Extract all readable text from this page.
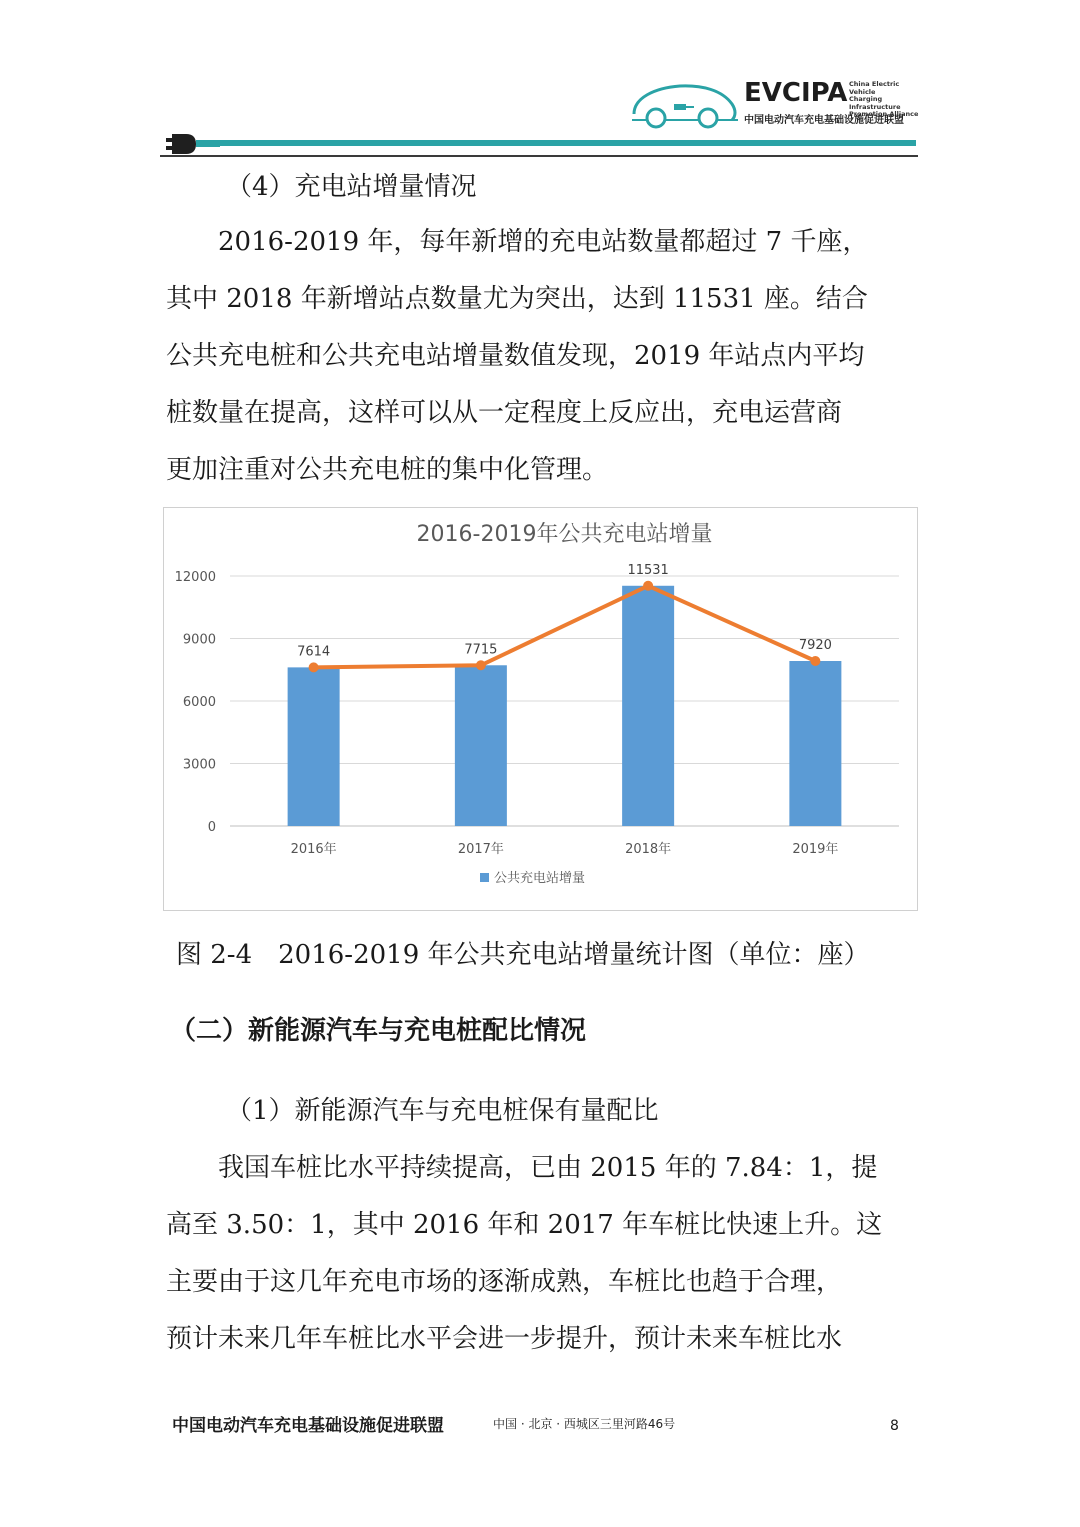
EVCIPA China Electric Vehicle
Charging Infrastructure
Promotion Alliance
中国电动汽车充电基础设施促进联盟
（4）充电站增量情况
　　2016-2019 年，每年新增的充电站数量都超过 7 千座，
其中 2018 年新增站点数量尤为突出，达到 11531 座。结合
公共充电桩和公共充电站增量数值发现，2019 年站点内平均
桩数量在提高，这样可以从一定程度上反应出，充电运营商
更加注重对公共充电桩的集中化管理。
2016-2019年公共充电站增量
0
3000
6000
9000
12000
2016年	2017年	2018年	2019年
7614	7715
11531
7920
公共充电站增量
图 2-4　2016-2019 年公共充电站增量统计图（单位：座）
（二）新能源汽车与充电桩配比情况
（1）新能源汽车与充电桩保有量配比
　　我国车桩比水平持续提高，已由 2015 年的 7.84：1，提
高至 3.50：1，其中 2016 年和 2017 年车桩比快速上升。这
主要由于这几年充电市场的逐渐成熟，车桩比也趋于合理，
预计未来几年车桩比水平会进一步提升，预计未来车桩比水
中国电动汽车充电基础设施促进联盟	中国 · 北京 · 西城区三里河路46号	8
